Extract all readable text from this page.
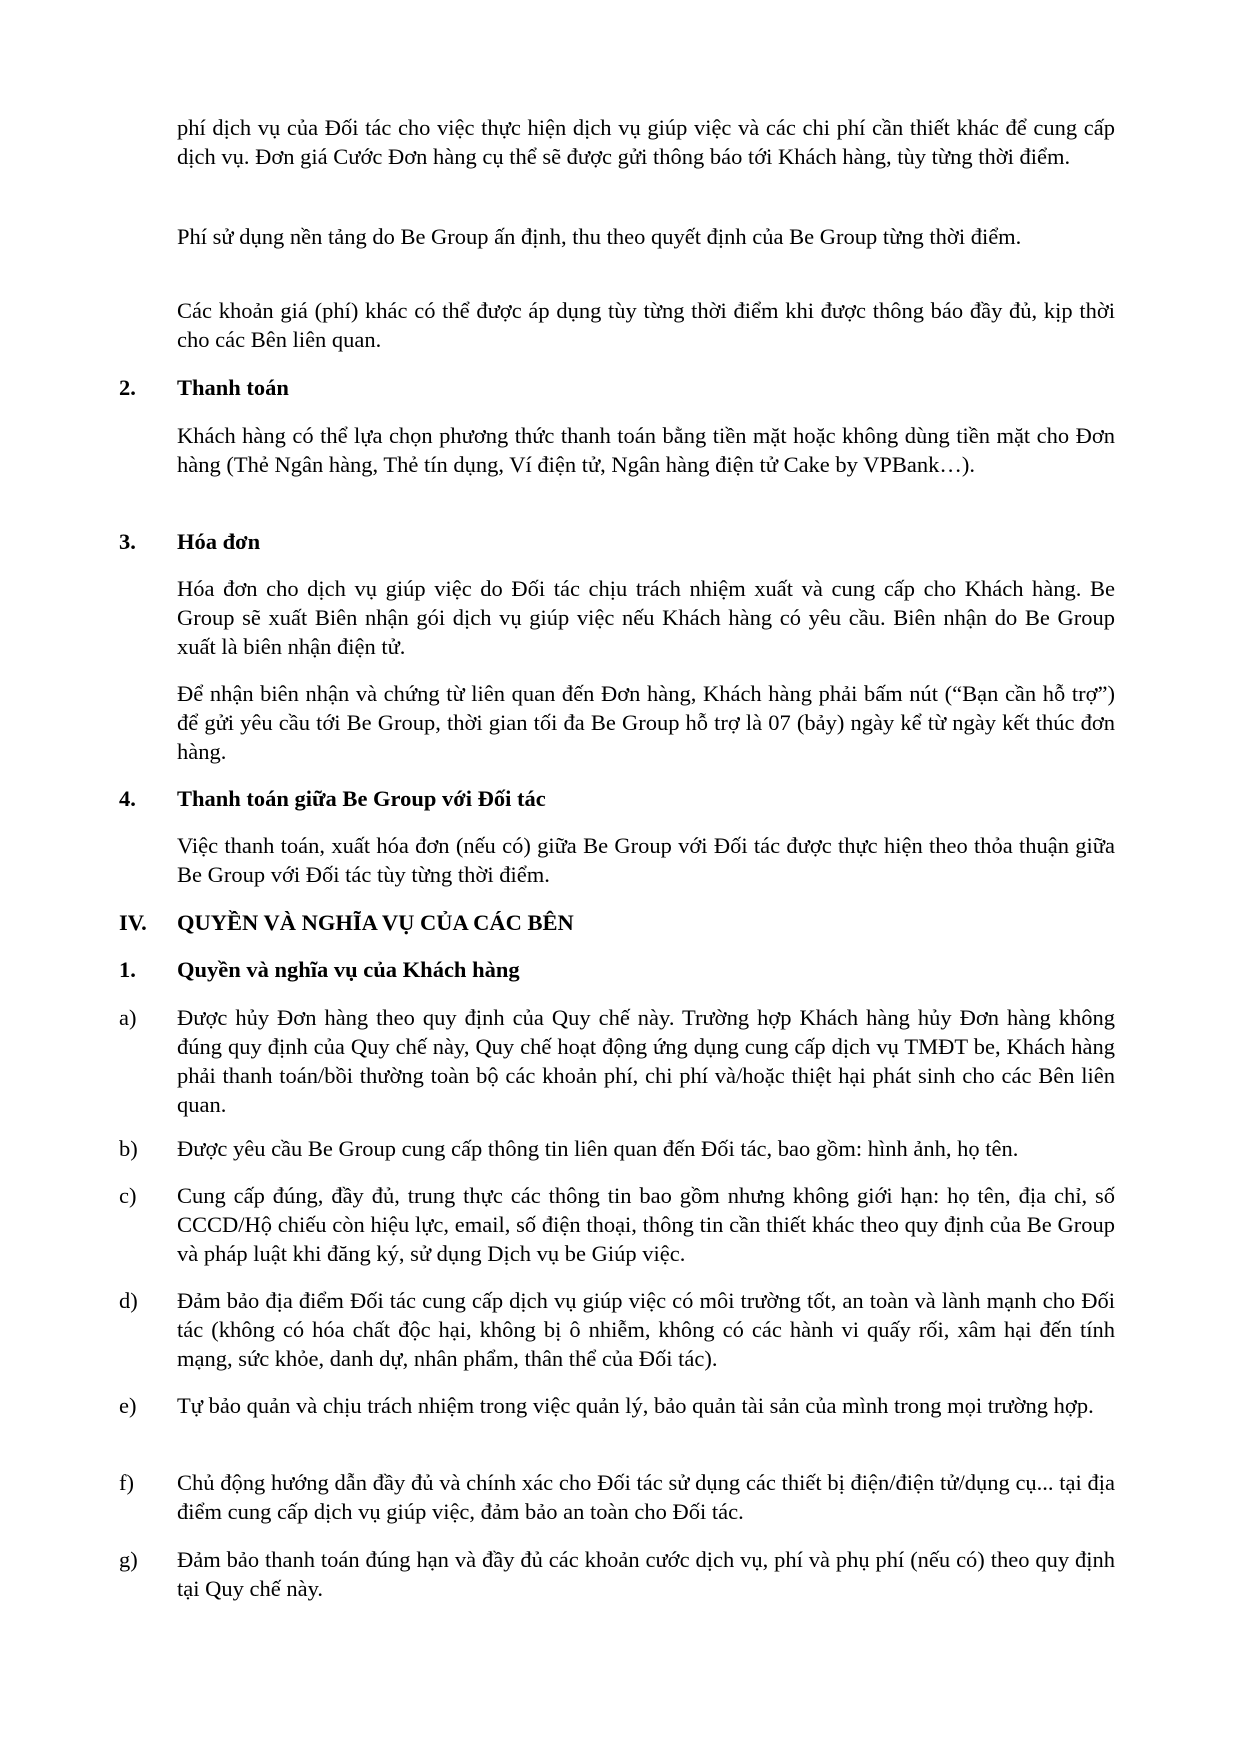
phí dịch vụ của Đối tác cho việc thực hiện dịch vụ giúp việc và các chi phí cần thiết khác để cung cấp dịch vụ. Đơn giá Cước Đơn hàng cụ thể sẽ được gửi thông báo tới Khách hàng, tùy từng thời điểm.
Phí sử dụng nền tảng do Be Group ấn định, thu theo quyết định của Be Group từng thời điểm.
Các khoản giá (phí) khác có thể được áp dụng tùy từng thời điểm khi được thông báo đầy đủ, kịp thời cho các Bên liên quan.
2. Thanh toán
Khách hàng có thể lựa chọn phương thức thanh toán bằng tiền mặt hoặc không dùng tiền mặt cho Đơn hàng (Thẻ Ngân hàng, Thẻ tín dụng, Ví điện tử, Ngân hàng điện tử Cake by VPBank…).
3. Hóa đơn
Hóa đơn cho dịch vụ giúp việc do Đối tác chịu trách nhiệm xuất và cung cấp cho Khách hàng. Be Group sẽ xuất Biên nhận gói dịch vụ giúp việc nếu Khách hàng có yêu cầu. Biên nhận do Be Group xuất là biên nhận điện tử.
Để nhận biên nhận và chứng từ liên quan đến Đơn hàng, Khách hàng phải bấm nút (“Bạn cần hỗ trợ”) để gửi yêu cầu tới Be Group, thời gian tối đa Be Group hỗ trợ là 07 (bảy) ngày kể từ ngày kết thúc đơn hàng.
4. Thanh toán giữa Be Group với Đối tác
Việc thanh toán, xuất hóa đơn (nếu có) giữa Be Group với Đối tác được thực hiện theo thỏa thuận giữa Be Group với Đối tác tùy từng thời điểm.
IV. QUYỀN VÀ NGHĨA VỤ CỦA CÁC BÊN
1. Quyền và nghĩa vụ của Khách hàng
a) Được hủy Đơn hàng theo quy định của Quy chế này. Trường hợp Khách hàng hủy Đơn hàng không đúng quy định của Quy chế này, Quy chế hoạt động ứng dụng cung cấp dịch vụ TMĐT be, Khách hàng phải thanh toán/bồi thường toàn bộ các khoản phí, chi phí và/hoặc thiệt hại phát sinh cho các Bên liên quan.
b) Được yêu cầu Be Group cung cấp thông tin liên quan đến Đối tác, bao gồm: hình ảnh, họ tên.
c) Cung cấp đúng, đầy đủ, trung thực các thông tin bao gồm nhưng không giới hạn: họ tên, địa chỉ, số CCCD/Hộ chiếu còn hiệu lực, email, số điện thoại, thông tin cần thiết khác theo quy định của Be Group và pháp luật khi đăng ký, sử dụng Dịch vụ be Giúp việc.
d) Đảm bảo địa điểm Đối tác cung cấp dịch vụ giúp việc có môi trường tốt, an toàn và lành mạnh cho Đối tác (không có hóa chất độc hại, không bị ô nhiễm, không có các hành vi quấy rối, xâm hại đến tính mạng, sức khỏe, danh dự, nhân phẩm, thân thể của Đối tác).
e) Tự bảo quản và chịu trách nhiệm trong việc quản lý, bảo quản tài sản của mình trong mọi trường hợp.
f) Chủ động hướng dẫn đầy đủ và chính xác cho Đối tác sử dụng các thiết bị điện/điện tử/dụng cụ... tại địa điểm cung cấp dịch vụ giúp việc, đảm bảo an toàn cho Đối tác.
g) Đảm bảo thanh toán đúng hạn và đầy đủ các khoản cước dịch vụ, phí và phụ phí (nếu có) theo quy định tại Quy chế này.
